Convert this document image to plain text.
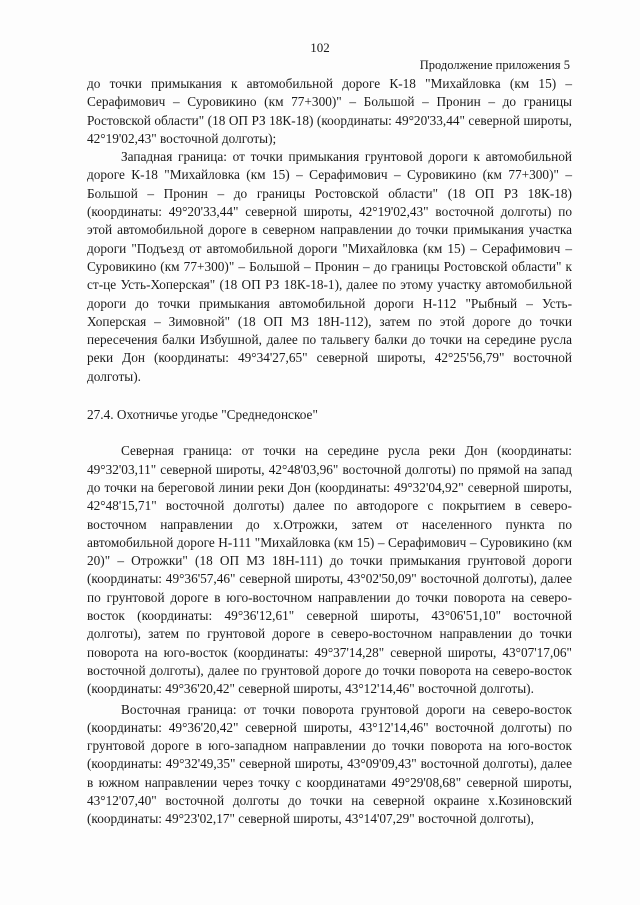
102
Продолжение приложения 5

до точки примыкания к автомобильной дороге К-18 "Михайловка (км 15) – Серафимович – Суровикино (км 77+300)" – Большой – Пронин – до границы Ростовской области" (18 ОП РЗ 18К-18) (координаты: 49°20'33,44" северной широты, 42°19'02,43" восточной долготы);

Западная граница: от точки примыкания грунтовой дороги к автомобильной дороге К-18 "Михайловка (км 15) – Серафимович – Суровикино (км 77+300)" – Большой – Пронин – до границы Ростовской области" (18 ОП РЗ 18К-18) (координаты: 49°20'33,44" северной широты, 42°19'02,43" восточной долготы) по этой автомобильной дороге в северном направлении до точки примыкания участка дороги "Подъезд от автомобильной дороги "Михайловка (км 15) – Серафимович – Суровикино (км 77+300)" – Большой – Пронин – до границы Ростовской области" к ст-це Усть-Хоперская" (18 ОП РЗ 18К-18-1), далее по этому участку автомобильной дороги до точки примыкания автомобильной дороги Н-112 "Рыбный – Усть-Хоперская – Зимовной" (18 ОП МЗ 18Н-112), затем по этой дороге до точки пересечения балки Избушной, далее по тальвегу балки до точки на середине русла реки Дон (координаты: 49°34'27,65" северной широты, 42°25'56,79" восточной долготы).

27.4. Охотничье угодье "Среднедонское"

Северная граница: от точки на середине русла реки Дон (координаты: 49°32'03,11" северной широты, 42°48'03,96" восточной долготы) по прямой на запад до точки на береговой линии реки Дон (координаты: 49°32'04,92" северной широты, 42°48'15,71" восточной долготы) далее по автодороге с покрытием в северо-восточном направлении до х.Отрожки, затем от населенного пункта по автомобильной дороге Н-111 "Михайловка (км 15) – Серафимович – Суровикино (км 20)" – Отрожки" (18 ОП МЗ 18Н-111) до точки примыкания грунтовой дороги (координаты: 49°36'57,46" северной широты, 43°02'50,09" восточной долготы), далее по грунтовой дороге в юго-восточном направлении до точки поворота на северо-восток (координаты: 49°36'12,61" северной широты, 43°06'51,10" восточной долготы), затем по грунтовой дороге в северо-восточном направлении до точки поворота на юго-восток (координаты: 49°37'14,28" северной широты, 43°07'17,06" восточной долготы), далее по грунтовой дороге до точки поворота на северо-восток (координаты: 49°36'20,42" северной широты, 43°12'14,46" восточной долготы).

Восточная граница: от точки поворота грунтовой дороги на северо-восток (координаты: 49°36'20,42" северной широты, 43°12'14,46" восточной долготы) по грунтовой дороге в юго-западном направлении до точки поворота на юго-восток (координаты: 49°32'49,35" северной широты, 43°09'09,43" восточной долготы), далее в южном направлении через точку с координатами 49°29'08,68" северной широты, 43°12'07,40" восточной долготы до точки на северной окраине х.Козиновский (координаты: 49°23'02,17" северной широты, 43°14'07,29" восточной долготы),
